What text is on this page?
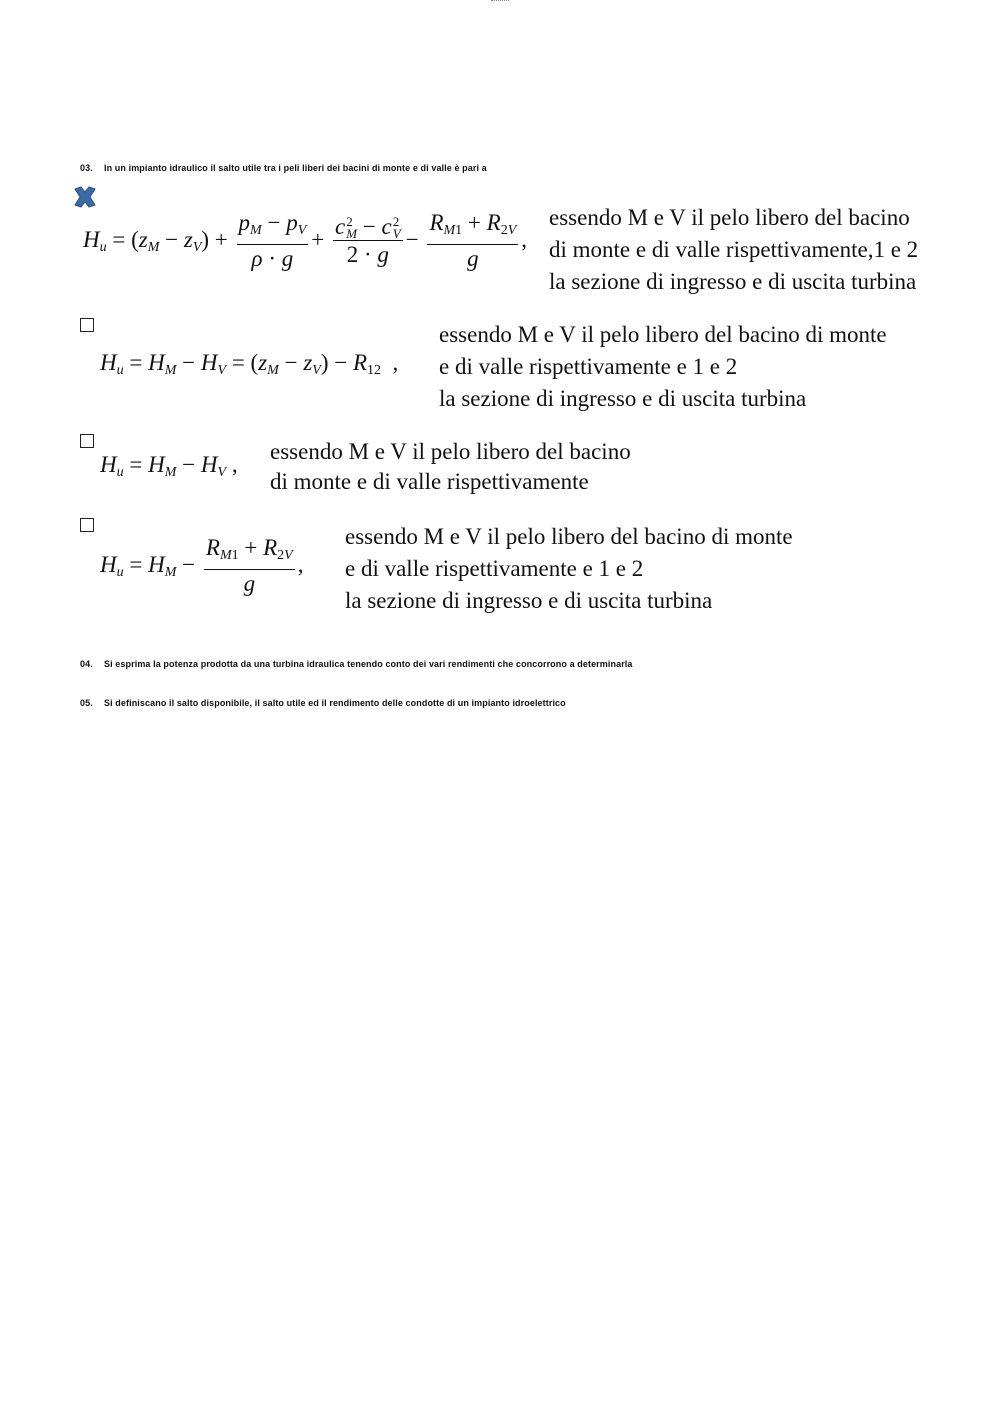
03. In un impianto idraulico il salto utile tra i peli liberi dei bacini di monte e di valle è pari a
$H_u = (z_M - z_V) + \frac{p_M - p_V}{\rho \cdot g}$ +
c2
M − c2
V
2 · g
− $\frac{R_{M1} + R_{2V}}{g}$ ,
essendo M e V il pelo libero del bacino
di monte e di valle rispettivamente,1 e 2
la sezione di ingresso e di uscita turbina
$H_u = H_M - H_V = (z_M - z_V) - R_{12}$  ,
essendo M e V il pelo libero del bacino di monte
e di valle rispettivamente e 1 e 2
la sezione di ingresso e di uscita turbina
$H_u = H_M - H_V$ ,
essendo M e V il pelo libero del bacino
di monte e di valle rispettivamente
$H_u = H_M - \frac{R_{M1} + R_{2V}}{g}$ ,
essendo M e V il pelo libero del bacino di monte
e di valle rispettivamente e 1 e 2
la sezione di ingresso e di uscita turbina
04. Si esprima la potenza prodotta da una turbina idraulica tenendo conto dei vari rendimenti che concorrono a determinarla
05. Si definiscano il salto disponibile, il salto utile ed il rendimento delle condotte di un impianto idroelettrico
